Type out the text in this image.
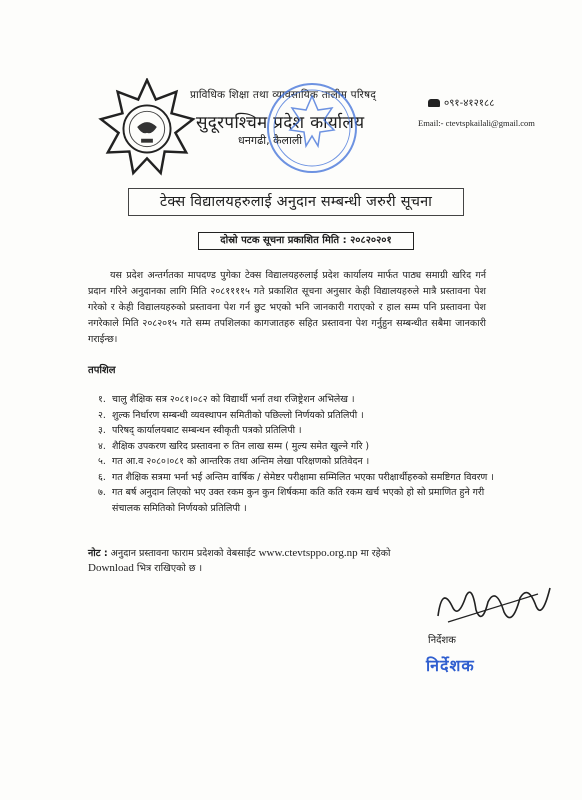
प्राविधिक शिक्षा तथा व्यावसायिक तालीम परिषद्
सुदूरपश्चिम प्रदेश कार्यालय
धनगढी, कैलाली
०९१-४१२१८८
Email:- ctevtspkailali@gmail.com
टेक्स विद्यालयहरुलाई अनुदान सम्बन्धी जरुरी सूचना
दोस्रो पटक सूचना प्रकाशित मिति : २०८२०२०१
यस प्रदेश अन्तर्गतका मापदण्ड पुगेका टेक्स विद्यालयहरुलाई प्रदेश कार्यालय मार्फत पाठ्य समाग्री खरिद गर्न प्रदान गरिने अनुदानका लागि मिति २०८११११५ गते प्रकाशित सूचना अनुसार केही विद्यालयहरुले मात्रै प्रस्तावना पेश गरेको र केही विद्यालयहरुको प्रस्तावना पेश गर्न छुट भएको भनि जानकारी गराएको र हाल सम्म पनि प्रस्तावना पेश नगरेकाले मिति २०८२०१५ गते सम्म तपशिलका कागजातहरु सहित प्रस्तावना पेश गर्नुहुन सम्बन्धीत सबैमा जानकारी गराईन्छ।
तपशिल
१. चालु शैक्षिक सत्र २०८१।०८२ को विद्यार्थी भर्ना तथा रजिष्ट्रेशन अभिलेख ।
२. शुल्क निर्धारण सम्बन्धी व्यवस्थापन समितीको पछिल्लो निर्णयको प्रतिलिपी ।
३. परिषद् कार्यालयबाट सम्बन्धन स्वीकृती पत्रको प्रतिलिपी ।
४. शैक्षिक उपकरण खरिद प्रस्तावना रु तिन लाख सम्म ( मुल्य समेत खुल्ने गरि )
५. गत आ.व २०८०।०८१ को आन्तरिक तथा अन्तिम लेखा परिक्षणको प्रतिवेदन ।
६. गत शैक्षिक सत्रमा भर्ना भई अन्तिम वार्षिक / सेमेष्टर परीक्षामा सम्मिलित भएका परीक्षार्थीहरुको समष्टिगत विवरण ।
७. गत बर्ष अनुदान लिएको भए उक्त रकम कुन कुन शिर्षकमा कति कति रकम खर्च भएको हो सो प्रमाणित हुने गरी संचालक समितिको निर्णयको प्रतिलिपी ।
नोट : अनुदान प्रस्तावना फाराम प्रदेशको वेबसाईट www.ctevtsppo.org.np मा रहेको
Download भित्र राखिएको छ ।
निर्देशक
निर्देशक
